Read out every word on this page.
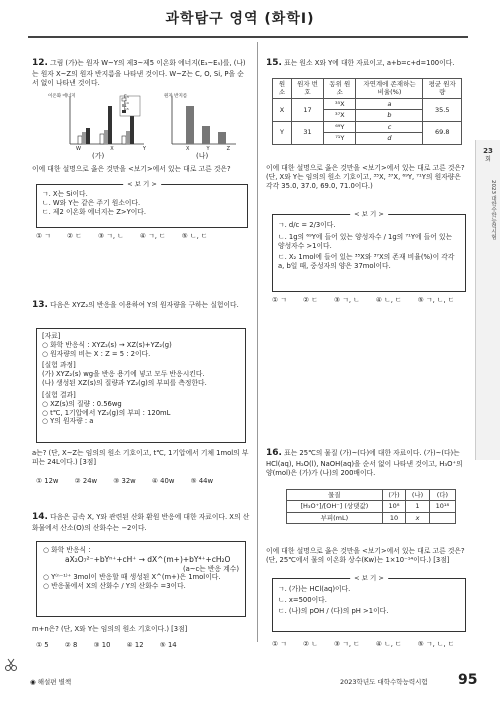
과학탐구 영역 (화학Ⅰ)
23
회
2023 대학수학능력시험
12. 그림 (가)는 원자 W~Y의 제3~제5 이온화 에너지(E₃~E₅)를, (나)는 원자 X~Z의 원자 반지름을 나타낸 것이다. W~Z는 C, O, Si, P을 순서 없이 나타낸 것이다.
E₃
E₄
E₅
이온화 에너지
W	X	Y
(가)
원자 반지름
X	Y	Z
(나)
이에 대한 설명으로 옳은 것만을 <보기>에서 있는 대로 고른 것은?
< 보 기 >
ㄱ. X는 Si이다.
ㄴ. W와 Y는 같은 주기 원소이다.
ㄷ. 제2 이온화 에너지는 Z>Y이다.
① ㄱ ② ㄷ ③ ㄱ, ㄴ ④ ㄱ, ㄷ ⑤ ㄴ, ㄷ
13. 다음은 XYZ₂의 반응을 이용하여 Y의 원자량을 구하는 실험이다.
[자료]
○ 화학 반응식 : XYZ₂(s) → XZ(s)+YZ₂(g)
○ 원자량의 비는 X : Z = 5 : 2이다.
[실험 과정]
(가) XYZ₂(s) wg을 반응 용기에 넣고 모두 반응시킨다.
(나) 생성된 XZ(s)의 질량과 YZ₂(g)의 부피를 측정한다.
[실험 결과]
○ XZ(s)의 질량 : 0.56wg
○ t℃, 1기압에서 YZ₂(g)의 부피 : 120mL
○ Y의 원자량 : a
a는? (단, X~Z는 임의의 원소 기호이고, t℃, 1기압에서 기체 1mol의 부피는 24L이다.) [3점]
① 12w ② 24w ③ 32w ④ 40w ⑤ 44w
14. 다음은 금속 X, Y와 관련된 산화 환원 반응에 대한 자료이다. X의 산화물에서 산소(O)의 산화수는 −2이다.
○ 화학 반응식 :
aX₂O₇²⁻+bYⁿ⁺+cH⁺ → dX^(m+)+bY⁴⁺+cH₂O
(a~c는 반응 계수)
○ Y⁽ⁿ⁻¹⁾⁺ 3mol이 반응할 때 생성된 X^(m+)은 1mol이다.
○ 반응물에서 X의 산화수 / Y의 산화수 =3이다.
m+n은? (단, X와 Y는 임의의 원소 기호이다.) [3점]
① 5 ② 8 ③ 10 ④ 12 ⑤ 14
15. 표는 원소 X와 Y에 대한 자료이고, a+b=c+d=100이다.
원소	원자 번호	동위 원소	자연계에 존재하는 비율(%)	평균 원자량
X	17	³⁵X	a	35.5
		³⁷X	b	
Y	31	⁶⁹Y	c	69.8
		⁷¹Y	d	
이에 대한 설명으로 옳은 것만을 <보기>에서 있는 대로 고른 것은? (단, X와 Y는 임의의 원소 기호이고, ³⁵X, ³⁷X, ⁶⁹Y, ⁷¹Y의 원자량은 각각 35.0, 37.0, 69.0, 71.0이다.)
< 보 기 >
ㄱ. d/c = 2/3이다.
ㄴ. 1g의 ⁶⁹Y에 들어 있는 양성자수 / 1g의 ⁷¹Y에 들어 있는 양성자수 >1이다.
ㄷ. X₂ 1mol에 들어 있는 ³⁵X와 ³⁷X의 존재 비율(%)이 각각 a, b일 때, 중성자의 양은 37mol이다.
① ㄱ ② ㄷ ③ ㄱ, ㄴ ④ ㄴ, ㄷ ⑤ ㄱ, ㄴ, ㄷ
16. 표는 25℃의 물질 (가)~(다)에 대한 자료이다. (가)~(다)는 HCl(aq), H₂O(l), NaOH(aq)을 순서 없이 나타낸 것이고, H₃O⁺의 양(mol)은 (가)가 (나)의 200배이다.
물질	(가)	(나)	(다)
[H₃O⁺]/[OH⁻] (상댓값)	10⁸	1	10¹⁸
부피(mL)	10	x	
이에 대한 설명으로 옳은 것만을 <보기>에서 있는 대로 고른 것은? (단, 25℃에서 물의 이온화 상수(Kw)는 1×10⁻¹⁴이다.) [3점]
< 보 기 >
ㄱ. (가)는 HCl(aq)이다.
ㄴ. x=500이다.
ㄷ. (나)의 pOH / (다)의 pH >1이다.
① ㄱ ② ㄴ ③ ㄱ, ㄷ ④ ㄴ, ㄷ ⑤ ㄱ, ㄴ, ㄷ
◉ 해설편 별책	2023학년도 대학수학능력시험 95
